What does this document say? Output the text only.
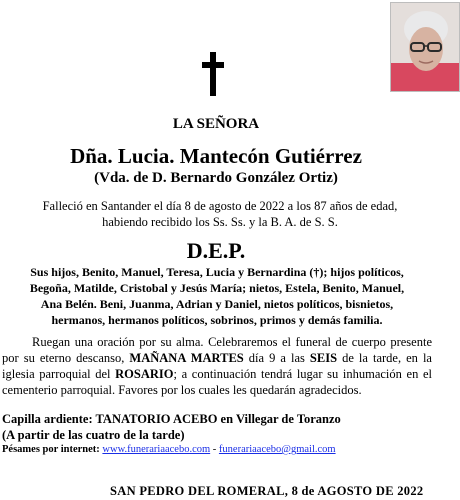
LA SEÑORA
Dña. Lucia. Mantecón Gutiérrez
(Vda. de D. Bernardo González Ortiz)
Falleció en Santander el día 8 de agosto de 2022 a los 87 años de edad,
habiendo recibido los Ss. Ss. y la B. A. de S. S.
D.E.P.
Sus hijos, Benito, Manuel, Teresa, Lucia y Bernardina (†); hijos políticos,
Begoña, Matilde, Cristobal y Jesús María; nietos, Estela, Benito, Manuel,
Ana Belén. Beni, Juanma, Adrian y Daniel, nietos políticos, bisnietos,
hermanos, hermanos políticos, sobrinos, primos y demás familia.
Ruegan una oración por su alma. Celebraremos el funeral de cuerpo presente por su eterno descanso, MAÑANA MARTES día 9 a las SEIS de la tarde, en la iglesia parroquial del ROSARIO; a continuación tendrá lugar su inhumación en el cementerio parroquial. Favores por los cuales les quedarán agradecidos.
Capilla ardiente: TANATORIO ACEBO en Villegar de Toranzo
(A partir de las cuatro de la tarde)
Pésames por internet: www.funerariaacebo.com - funerariaacebo@gmail.com
SAN PEDRO DEL ROMERAL, 8 de AGOSTO DE 2022
